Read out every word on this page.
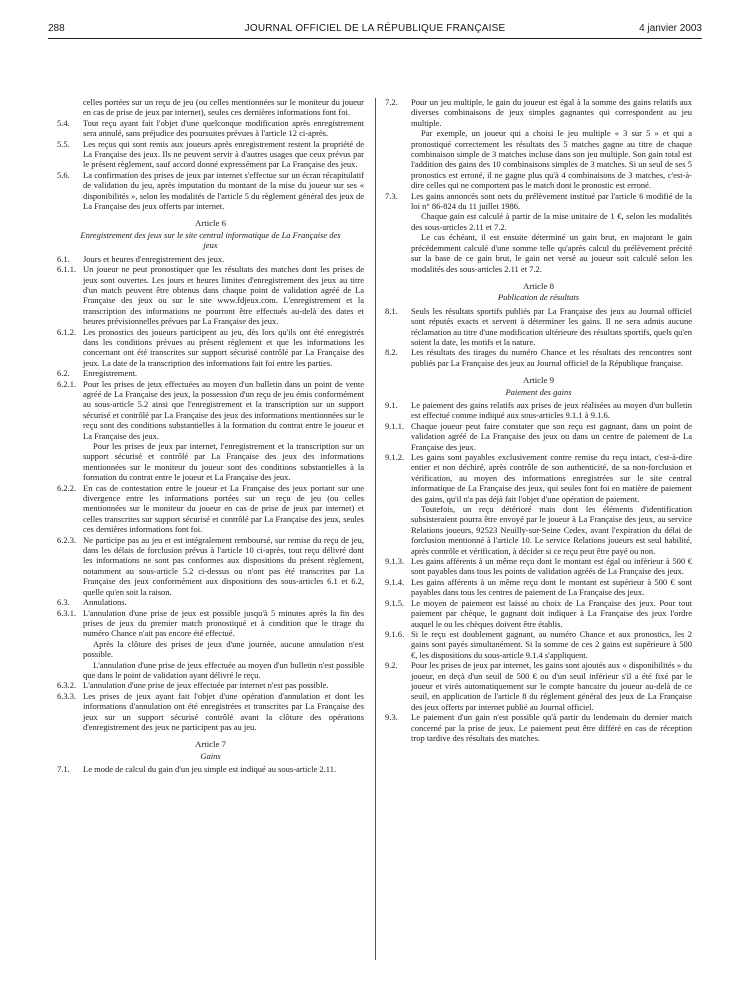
288	JOURNAL OFFICIEL DE LA RÉPUBLIQUE FRANÇAISE	4 janvier 2003

celles portées sur un reçu de jeu (ou celles mentionnées sur le moniteur du joueur en cas de prise de jeux par internet), seules ces dernières informations font foi.

5.4. Tout reçu ayant fait l'objet d'une quelconque modification après enregistrement sera annulé, sans préjudice des poursuites prévues à l'article 12 ci-après.
5.5. Les reçus qui sont remis aux joueurs après enregistrement restent la propriété de La Française des jeux. Ils ne peuvent servir à d'autres usages que ceux prévus par le présent règlement, sauf accord donné expressément par La Française des jeux.
5.6. La confirmation des prises de jeux par internet s'effectue sur un écran récapitulatif de validation du jeu, après imputation du montant de la mise du joueur sur ses « disponibilités », selon les modalités de l'article 5 du règlement général des jeux de La Française des jeux offerts par internet.
Article 6
Enregistrement des jeux sur le site central informatique de La Française des jeux
6.1. Jours et heures d'enregistrement des jeux.
6.1.1. Un joueur ne peut pronostiquer que les résultats des matches dont les prises de jeux sont ouvertes. Les jours et heures limites d'enregistrement des jeux au titre d'un match peuvent être obtenus dans chaque point de validation agréé de La Française des jeux ou sur le site www.fdjeux.com. L'enregistrement et la transcription des informations ne pourront être effectués au-delà des dates et heures prévisionnelles prévues par La Française des jeux.
6.1.2. Les pronostics des joueurs participent au jeu, dès lors qu'ils ont été enregistrés dans les conditions prévues au présent règlement et que les informations les concernant ont été transcrites sur support sécurisé contrôlé par La Française des jeux. La date de la transcription des informations fait foi entre les parties.
6.2. Enregistrement.
6.2.1. Pour les prises de jeux effectuées au moyen d'un bulletin dans un point de vente agréé de La Française des jeux, la possession d'un reçu de jeu émis conformément au sous-article 5.2 ainsi que l'enregistrement et la transcription sur un support sécurisé et contrôlé par La Française des jeux des informations mentionnées sur le reçu sont des conditions substantielles à la formation du contrat entre le joueur et La Française des jeux.

Pour les prises de jeux par internet, l'enregistrement et la transcription sur un support sécurisé et contrôlé par La Française des jeux des informations mentionnées sur le moniteur du joueur sont des conditions substantielles à la formation du contrat entre le joueur et La Française des jeux.

6.2.2. En cas de contestation entre le joueur et La Française des jeux portant sur une divergence entre les informations portées sur un reçu de jeu (ou celles mentionnées sur le moniteur du joueur en cas de prise de jeux par internet) et celles transcrites sur support sécurisé et contrôlé par La Française des jeux, seules ces dernières informations font foi.
6.2.3. Ne participe pas au jeu et est intégralement remboursé, sur remise du reçu de jeu, dans les délais de forclusion prévus à l'article 10 ci-après, tout reçu délivré dont les informations ne sont pas conformes aux dispositions du présent règlement, notamment au sous-article 5.2 ci-dessus ou n'ont pas été transcrites par La Française des jeux conformément aux dispositions des sous-articles 6.1 et 6.2, quelle qu'en soit la raison.
6.3. Annulations.
6.3.1. L'annulation d'une prise de jeux est possible jusqu'à 5 minutes après la fin des prises de jeux du premier match pronostiqué et à condition que le tirage du numéro Chance n'ait pas encore été effectué.

Après la clôture des prises de jeux d'une journée, aucune annulation n'est possible.

L'annulation d'une prise de jeux effectuée au moyen d'un bulletin n'est possible que dans le point de validation ayant délivré le reçu.

6.3.2. L'annulation d'une prise de jeux effectuée par internet n'est pas possible.
6.3.3. Les prises de jeux ayant fait l'objet d'une opération d'annulation et dont les informations d'annulation ont été enregistrées et transcrites par La Française des jeux sur un support sécurisé contrôlé avant la clôture des opérations d'enregistrement des jeux ne participent pas au jeu.
Article 7
Gains
7.1. Le mode de calcul du gain d'un jeu simple est indiqué au sous-article 2.11.
7.2. Pour un jeu multiple, le gain du joueur est égal à la somme des gains relatifs aux diverses combinaisons de jeux simples gagnantes qui correspondent au jeu multiple.

Par exemple, un joueur qui a choisi le jeu multiple « 3 sur 5 » et qui a pronostiqué correctement les résultats des 5 matches gagne au titre de chaque combinaison simple de 3 matches incluse dans son jeu multiple. Son gain total est l'addition des gains des 10 combinaisons simples de 3 matches. Si un seul de ses 5 pronostics est erroné, il ne gagne plus qu'à 4 combinaisons de 3 matches, c'est-à-dire celles qui ne comportent pas le match dont le pronostic est erroné.

7.3. Les gains annoncés sont nets du prélèvement institué par l'article 6 modifié de la loi n° 86-824 du 11 juillet 1986.

Chaque gain est calculé à partir de la mise unitaire de 1 €, selon les modalités des sous-articles 2.11 et 7.2.

Le cas échéant, il est ensuite déterminé un gain brut, en majorant le gain précédemment calculé d'une somme telle qu'après calcul du prélèvement précité sur la base de ce gain brut, le gain net versé au joueur soit calculé selon les modalités des sous-articles 2.11 et 7.2.

Article 8
Publication de résultats
8.1. Seuls les résultats sportifs publiés par La Française des jeux au Journal officiel sont réputés exacts et servent à déterminer les gains. Il ne sera admis aucune réclamation au titre d'une modification ultérieure des résultats sportifs, quels qu'en soient la date, les motifs et la nature.
8.2. Les résultats des tirages du numéro Chance et les résultats des rencontres sont publiés par La Française des jeux au Journal officiel de la République française.
Article 9
Paiement des gains
9.1. Le paiement des gains relatifs aux prises de jeux réalisées au moyen d'un bulletin est effectué comme indiqué aux sous-articles 9.1.1 à 9.1.6.
9.1.1. Chaque joueur peut faire constater que son reçu est gagnant, dans un point de validation agréé de La Française des jeux ou dans un centre de paiement de La Française des jeux.
9.1.2. Les gains sont payables exclusivement contre remise du reçu intact, c'est-à-dire entier et non déchiré, après contrôle de son authenticité, de sa non-forclusion et vérification, au moyen des informations enregistrées sur le site central informatique de La Française des jeux, qui seules font foi en matière de paiement des gains, qu'il n'a pas déjà fait l'objet d'une opération de paiement.

Toutefois, un reçu détérioré mais dont les éléments d'identification subsisteraient pourra être envoyé par le joueur à La Française des jeux, au service Relations joueurs, 92523 Neuilly-sur-Seine Cedex, avant l'expiration du délai de forclusion mentionné à l'article 10. Le service Relations joueurs est seul habilité, après contrôle et vérification, à décider si ce reçu peut être payé ou non.

9.1.3. Les gains afférents à un même reçu dont le montant est égal ou inférieur à 500 € sont payables dans tous les points de validation agréés de La Française des jeux.
9.1.4. Les gains afférents à un même reçu dont le montant est supérieur à 500 € sont payables dans tous les centres de paiement de La Française des jeux.
9.1.5. Le moyen de paiement est laissé au choix de La Française des jeux. Pour tout paiement par chèque, le gagnant doit indiquer à La Française des jeux l'ordre auquel le ou les chèques doivent être établis.
9.1.6. Si le reçu est doublement gagnant, au numéro Chance et aux pronostics, les 2 gains sont payés simultanément. Si la somme de ces 2 gains est supérieure à 500 €, les dispositions du sous-article 9.1.4 s'appliquent.
9.2. Pour les prises de jeux par internet, les gains sont ajoutés aux « disponibilités » du joueur, en deçà d'un seuil de 500 € ou d'un seuil inférieur s'il a été fixé par le joueur et virés automatiquement sur le compte bancaire du joueur au-delà de ce seuil, en application de l'article 8 du règlement général des jeux de La Française des jeux offerts par internet publié au Journal officiel.
9.3. Le paiement d'un gain n'est possible qu'à partir du lendemain du dernier match concerné par la prise de jeux. Le paiement peut être différé en cas de réception trop tardive des résultats des matches.
